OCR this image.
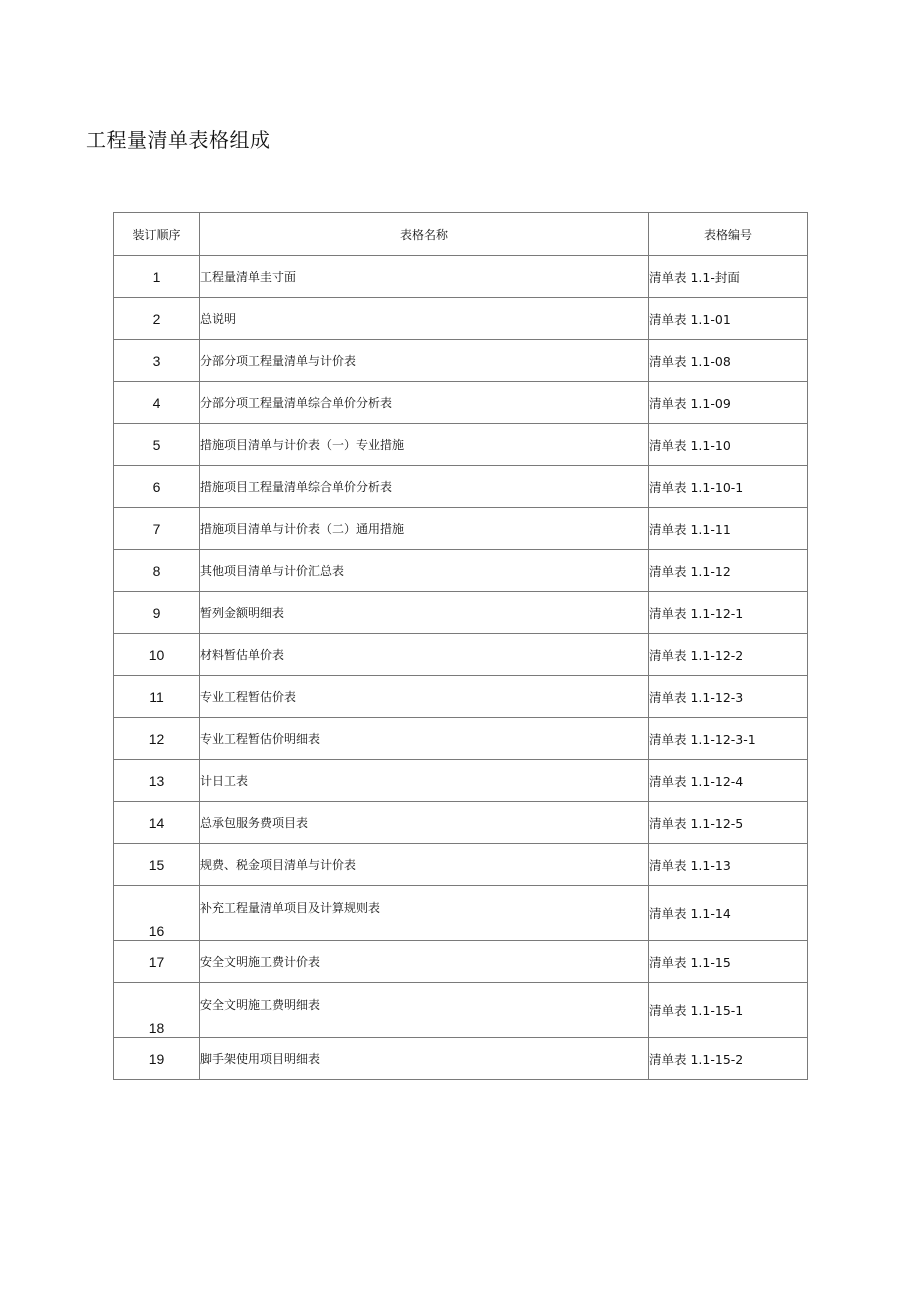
工程量清单表格组成
装订顺序	表格名称	表格编号
1	工程量清单圭寸面	清单表 1.1-封面
2	总说明	清单表 1.1-01
3	分部分项工程量清单与计价表	清单表 1.1-08
4	分部分项工程量清单综合单价分析表	清单表 1.1-09
5	措施项目清单与计价表（一）专业措施	清单表 1.1-10
6	措施项目工程量清单综合单价分析表	清单表 1.1-10-1
7	措施项目清单与计价表（二）通用措施	清单表 1.1-11
8	其他项目清单与计价汇总表	清单表 1.1-12
9	暂列金额明细表	清单表 1.1-12-1
10	材料暂估单价表	清单表 1.1-12-2
11	专业工程暂估价表	清单表 1.1-12-3
12	专业工程暂估价明细表	清单表 1.1-12-3-1
13	计日工表	清单表 1.1-12-4
14	总承包服务费项目表	清单表 1.1-12-5
15	规费、税金项目清单与计价表	清单表 1.1-13
16	补充工程量清单项目及计算规则表	清单表 1.1-14
17	安全文明施工费计价表	清单表 1.1-15
18	安全文明施工费明细表	清单表 1.1-15-1
19	脚手架使用项目明细表	清单表 1.1-15-2
